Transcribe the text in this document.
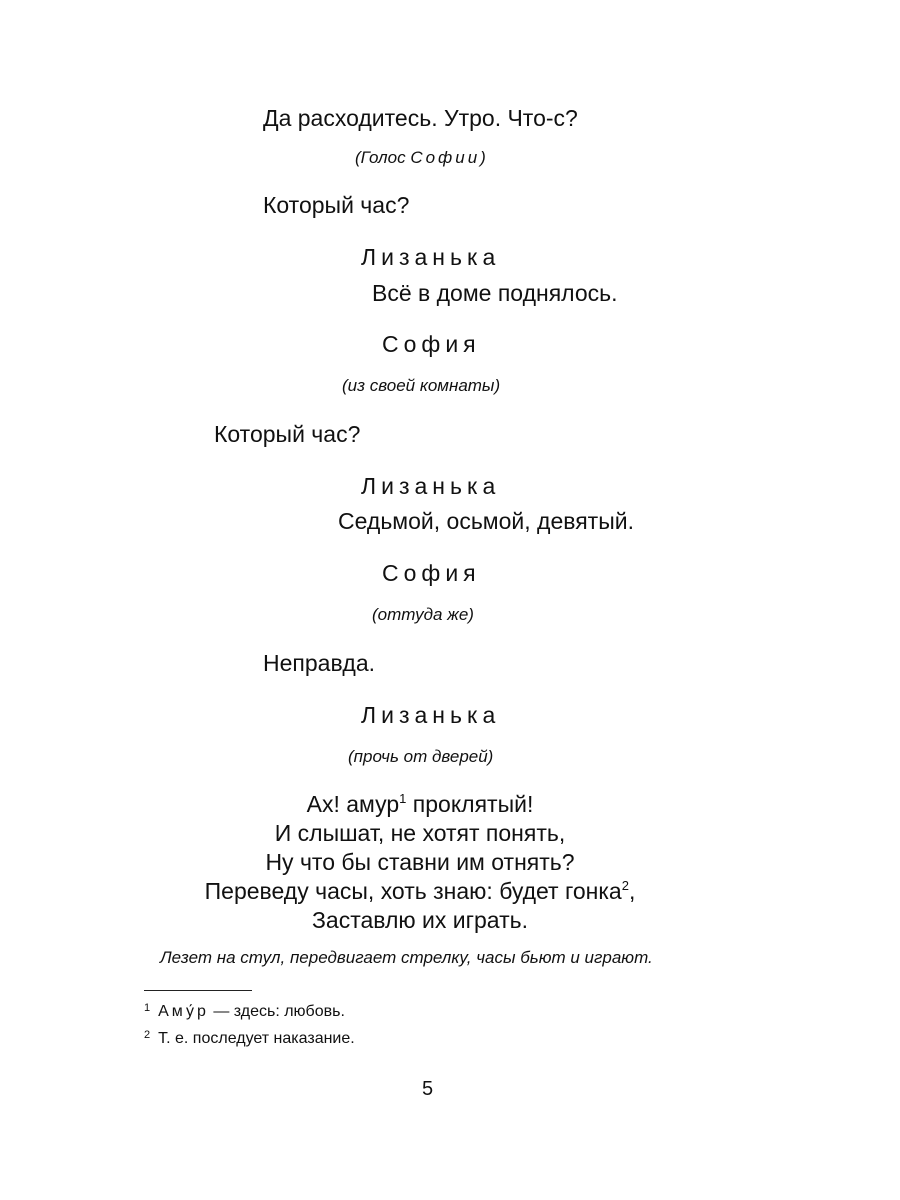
Да расходитесь. Утро. Что-с?
(Голос Софии)
Который час?
Лизанька
Всё в доме поднялось.
София
(из своей комнаты)
Который час?
Лизанька
Седьмой, осьмой, девятый.
София
(оттуда же)
Неправда.
Лизанька
(прочь от дверей)
Ах! амур$^1$ проклятый!
И слышат, не хотят понять,
Ну что бы ставни им отнять?
Переведу часы, хоть знаю: будет гонка$^2$,
Заставлю их играть.
Лезет на стул, передвигает стрелку, часы бьют и играют.
$^1$ Аму́р — здесь: любовь.
$^2$ Т. е. последует наказание.
5
